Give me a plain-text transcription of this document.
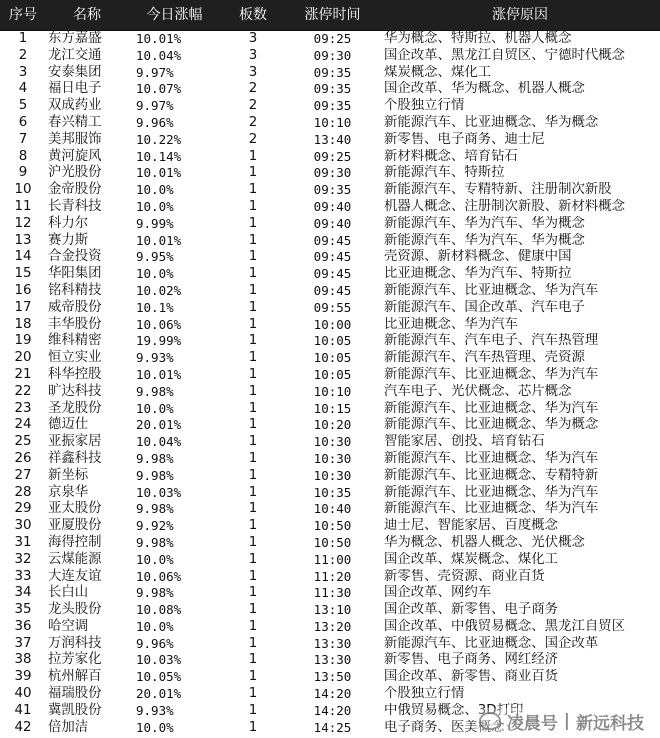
序号	名称	今日涨幅	板数	涨停时间	涨停原因
1	东方嘉盛	10.01%	3	09:25	华为概念、特斯拉、机器人概念
2	龙江交通	10.04%	3	09:30	国企改革、黑龙江自贸区、宁德时代概念
3	安泰集团	9.97%	3	09:35	煤炭概念、煤化工
4	福日电子	10.07%	2	09:35	国企改革、华为概念、机器人概念
5	双成药业	9.97%	2	09:35	个股独立行情
6	春兴精工	9.96%	2	10:10	新能源汽车、比亚迪概念、华为概念
7	美邦服饰	10.22%	2	13:40	新零售、电子商务、迪士尼
8	黄河旋风	10.14%	1	09:25	新材料概念、培育钻石
9	沪光股份	10.01%	1	09:30	新能源汽车、特斯拉
10	金帝股份	10.0%	1	09:35	新能源汽车、专精特新、注册制次新股
11	长青科技	10.0%	1	09:40	机器人概念、注册制次新股、新材料概念
12	科力尔	9.99%	1	09:40	新能源汽车、华为汽车、华为概念
13	赛力斯	10.01%	1	09:45	新能源汽车、华为汽车、华为概念
14	合金投资	9.95%	1	09:45	壳资源、新材料概念、健康中国
15	华阳集团	10.0%	1	09:45	比亚迪概念、华为汽车、特斯拉
16	铭科精技	10.02%	1	09:45	新能源汽车、比亚迪概念、华为汽车
17	威帝股份	10.1%	1	09:55	新能源汽车、国企改革、汽车电子
18	丰华股份	10.06%	1	10:00	比亚迪概念、华为汽车
19	维科精密	19.99%	1	10:05	新能源汽车、汽车电子、汽车热管理
20	恒立实业	9.93%	1	10:05	新能源汽车、汽车热管理、壳资源
21	科华控股	10.01%	1	10:05	新能源汽车、比亚迪概念、华为汽车
22	旷达科技	9.98%	1	10:10	汽车电子、光伏概念、芯片概念
23	圣龙股份	10.0%	1	10:15	新能源汽车、比亚迪概念、华为汽车
24	德迈仕	20.01%	1	10:20	新能源汽车、比亚迪概念、华为概念
25	亚振家居	10.04%	1	10:30	智能家居、创投、培育钻石
26	祥鑫科技	9.98%	1	10:30	新能源汽车、比亚迪概念、华为汽车
27	新坐标	9.98%	1	10:30	新能源汽车、比亚迪概念、专精特新
28	京泉华	10.03%	1	10:35	新能源汽车、比亚迪概念、华为汽车
29	亚太股份	9.98%	1	10:40	新能源汽车、比亚迪概念、华为汽车
30	亚厦股份	9.92%	1	10:50	迪士尼、智能家居、百度概念
31	海得控制	9.98%	1	10:50	华为概念、机器人概念、光伏概念
32	云煤能源	10.0%	1	11:00	国企改革、煤炭概念、煤化工
33	大连友谊	10.06%	1	11:20	新零售、壳资源、商业百货
34	长白山	9.98%	1	11:30	国企改革、网约车
35	龙头股份	10.08%	1	13:10	国企改革、新零售、电子商务
36	哈空调	10.0%	1	13:20	国企改革、中俄贸易概念、黑龙江自贸区
37	万润科技	9.96%	1	13:30	新能源汽车、比亚迪概念、国企改革
38	拉芳家化	10.03%	1	13:30	新零售、电子商务、网红经济
39	杭州解百	10.05%	1	13:50	国企改革、新零售、商业百货
40	福瑞股份	20.01%	1	14:20	个股独立行情
41	冀凯股份	9.93%	1	14:20	中俄贸易概念、3D打印
42	倍加洁	10.0%	1	14:25	电子商务、医美概念 凌晨号 | 新远科技
